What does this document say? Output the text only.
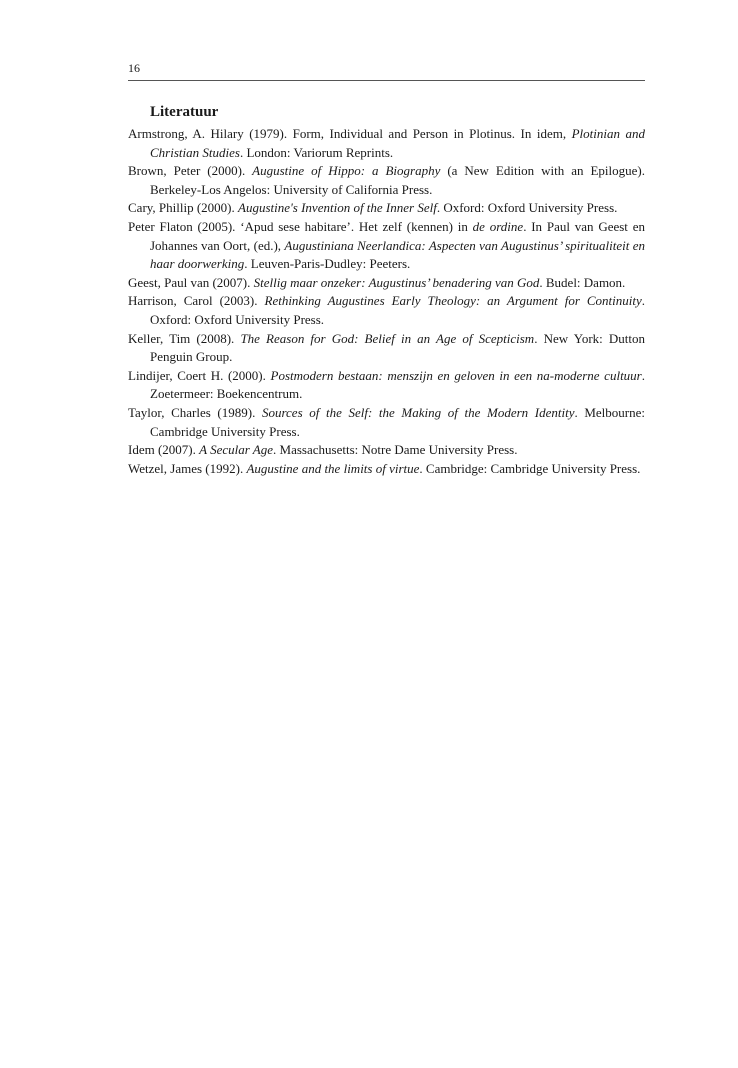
16
Literatuur
Armstrong, A. Hilary (1979). Form, Individual and Person in Plotinus. In idem, Plotinian and Christian Studies. London: Variorum Reprints.
Brown, Peter (2000). Augustine of Hippo: a Biography (a New Edition with an Epilogue). Berkeley-Los Angelos: University of California Press.
Cary, Phillip (2000). Augustine's Invention of the Inner Self. Oxford: Oxford University Press.
Peter Flaton (2005). ‘Apud sese habitare’. Het zelf (kennen) in de ordine. In Paul van Geest en Johannes van Oort, (ed.), Augustiniana Neerlandica: Aspecten van Augustinus’ spiritualiteit en haar doorwerking. Leuven-Paris-Dudley: Peeters.
Geest, Paul van (2007). Stellig maar onzeker: Augustinus’ benadering van God. Budel: Damon.
Harrison, Carol (2003). Rethinking Augustines Early Theology: an Argument for Continuity. Oxford: Oxford University Press.
Keller, Tim (2008). The Reason for God: Belief in an Age of Scepticism. New York: Dutton Penguin Group.
Lindijer, Coert H. (2000). Postmodern bestaan: menszijn en geloven in een na-moderne cultuur. Zoetermeer: Boekencentrum.
Taylor, Charles (1989). Sources of the Self: the Making of the Modern Identity. Melbourne: Cambridge University Press.
Idem (2007). A Secular Age. Massachusetts: Notre Dame University Press.
Wetzel, James (1992). Augustine and the limits of virtue. Cambridge: Cambridge University Press.
